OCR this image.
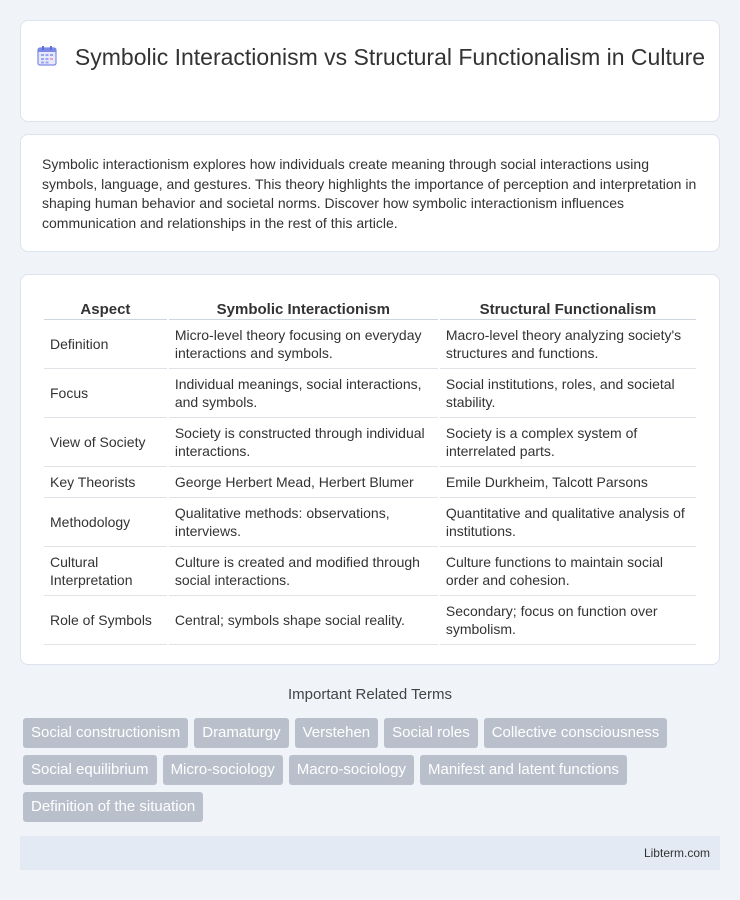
Symbolic Interactionism vs Structural Functionalism in Culture

Symbolic interactionism explores how individuals create meaning through social interactions using symbols, language, and gestures. This theory highlights the importance of perception and interpretation in shaping human behavior and societal norms. Discover how symbolic interactionism influences communication and relationships in the rest of this article.

Aspect	Symbolic Interactionism	Structural Functionalism
Definition	Micro-level theory focusing on everyday interactions and symbols.	Macro-level theory analyzing society's structures and functions.
Focus	Individual meanings, social interactions, and symbols.	Social institutions, roles, and societal stability.
View of Society	Society is constructed through individual interactions.	Society is a complex system of interrelated parts.
Key Theorists	George Herbert Mead, Herbert Blumer	Emile Durkheim, Talcott Parsons
Methodology	Qualitative methods: observations, interviews.	Quantitative and qualitative analysis of institutions.
Cultural Interpretation	Culture is created and modified through social interactions.	Culture functions to maintain social order and cohesion.
Role of Symbols	Central; symbols shape social reality.	Secondary; focus on function over symbolism.
Important Related Terms
Social constructionism	Dramaturgy	Verstehen	Social roles	Collective consciousness
Social equilibrium	Micro-sociology	Macro-sociology	Manifest and latent functions
Definition of the situation
Libterm.com
